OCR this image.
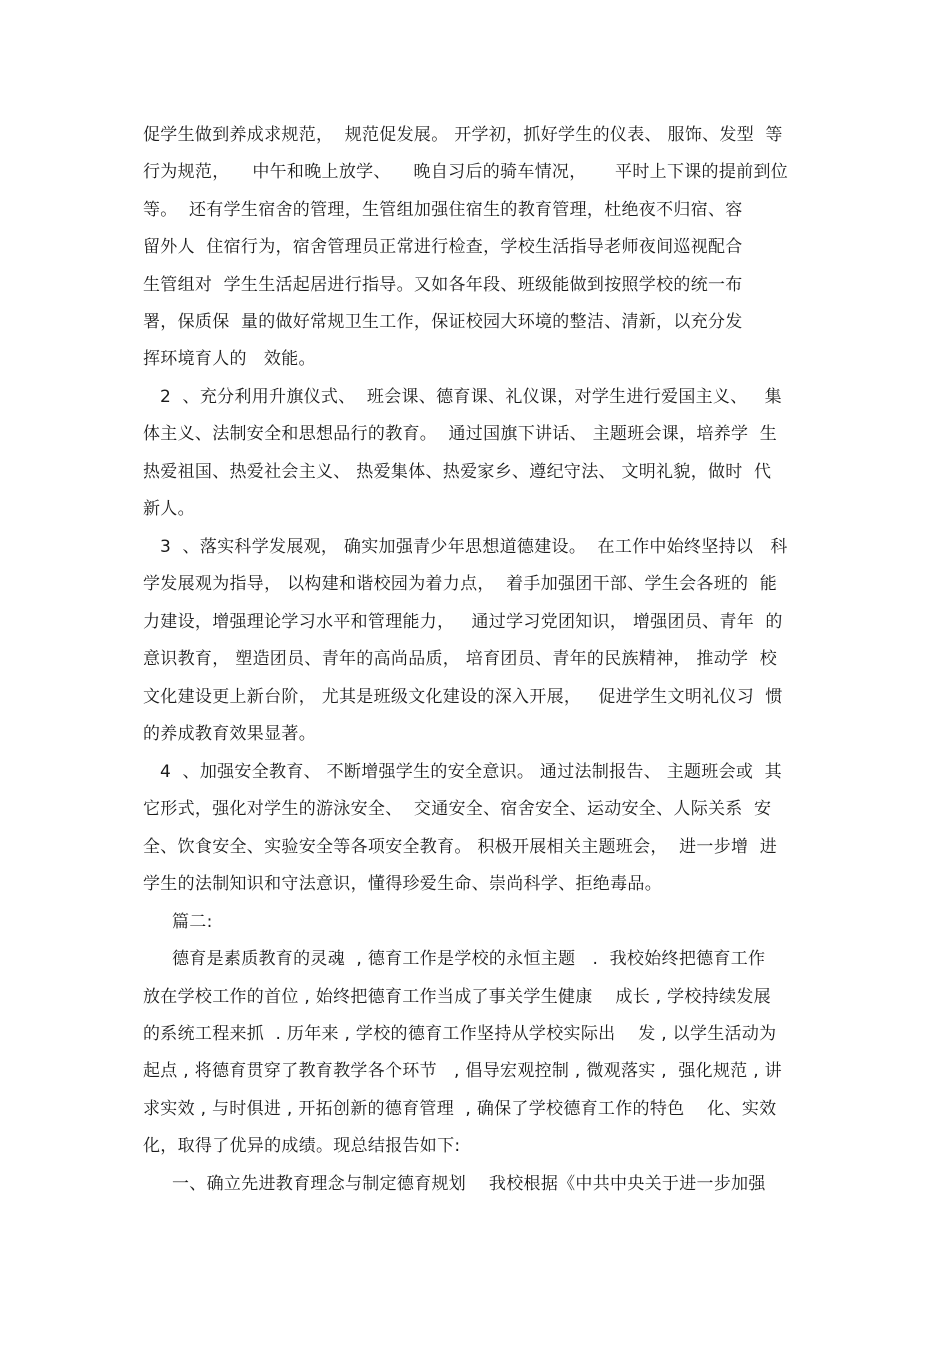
促学生做到养成求规范，  规范促发展。 开学初，抓好学生的仪表、 服饰、发型  等
行为规范，    中午和晚上放学、    晚自习后的骑车情况，     平时上下课的提前到位
等。  还有学生宿舍的管理，生管组加强住宿生的教育管理，杜绝夜不归宿、容
留外人  住宿行为，宿舍管理员正常进行检查，学校生活指导老师夜间巡视配合
生管组对  学生生活起居进行指导。又如各年段、班级能做到按照学校的统一布
署，保质保  量的做好常规卫生工作，保证校园大环境的整洁、清新，以充分发
挥环境育人的   效能。
2  、充分利用升旗仪式、  班会课、德育课、礼仪课，对学生进行爱国主义、   集
体主义、法制安全和思想品行的教育。  通过国旗下讲话、 主题班会课，培养学  生
热爱祖国、热爱社会主义、 热爱集体、热爱家乡、遵纪守法、 文明礼貌，做时  代
新人。
3  、落实科学发展观， 确实加强青少年思想道德建设。  在工作中始终坚持以   科
学发展观为指导， 以构建和谐校园为着力点，  着手加强团干部、学生会各班的  能
力建设，增强理论学习水平和管理能力，   通过学习党团知识， 增强团员、青年  的
意识教育， 塑造团员、青年的高尚品质， 培育团员、青年的民族精神， 推动学  校
文化建设更上新台阶， 尤其是班级文化建设的深入开展，   促进学生文明礼仪习  惯
的养成教育效果显著。
4  、加强安全教育、 不断增强学生的安全意识。 通过法制报告、 主题班会或  其
它形式，强化对学生的游泳安全、  交通安全、宿舍安全、运动安全、人际关系  安
全、饮食安全、实验安全等各项安全教育。 积极开展相关主题班会，  进一步增  进
学生的法制知识和守法意识，懂得珍爱生命、崇尚科学、拒绝毒品。
篇二:
德育是素质教育的灵魂  , 德育工作是学校的永恒主题   .  我校始终把德育工作
放在学校工作的首位 , 始终把德育工作当成了事关学生健康    成长 , 学校持续发展
的系统工程来抓  . 历年来 , 学校的德育工作坚持从学校实际出    发 , 以学生活动为
起点 , 将德育贯穿了教育教学各个环节   , 倡导宏观控制 , 微观落实 ,  强化规范 , 讲
求实效 , 与时俱进 , 开拓创新的德育管理  , 确保了学校德育工作的特色    化、实效
化，取得了优异的成绩。现总结报告如下:
一、确立先进教育理念与制定德育规划    我校根据《中共中央关于进一步加强
